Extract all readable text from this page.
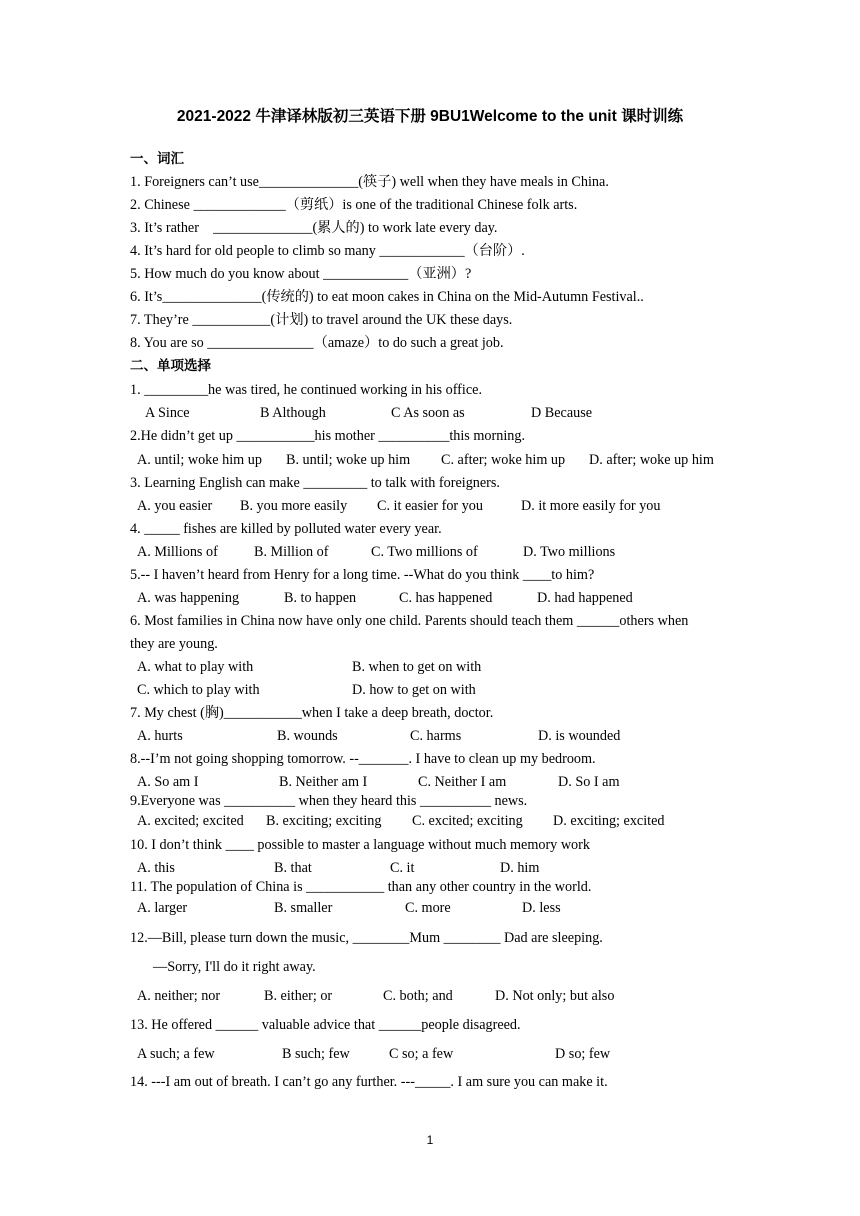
2021-2022 牛津译林版初三英语下册 9BU1Welcome to the unit 课时训练
一、词汇
1. Foreigners can’t use______________(筷子) well when they have meals in China.
2. Chinese _____________（剪纸）is one of the traditional Chinese folk arts.
3. It’s rather    ______________(累人的) to work late every day.
4. It’s hard for old people to climb so many ____________（台阶）.
5. How much do you know about ____________（亚洲）?
6. It’s______________(传统的) to eat moon cakes in China on the Mid-Autumn Festival..
7. They’re ___________(计划) to travel around the UK these days.
8. You are so _______________（amaze）to do such a great job.
二、单项选择
1. _________he was tired, he continued working in his office.
A Since	B Although	C As soon as	D Because
2.He didn’t get up ___________his mother __________this morning.
A. until; woke him up B. until; woke up him C. after; woke him up D. after; woke up him
3. Learning English can make _________ to talk with foreigners.
A. you easier B. you more easily C. it easier for you	D. it more easily for you
4. _____ fishes are killed by polluted water every year.
A. Millions of	B. Million of	C. Two millions of	D. Two millions
5.-- I haven’t heard from Henry for a long time. --What do you think ____to him?
A. was happening	B. to happen	C. has happened	D. had happened
6. Most families in China now have only one child. Parents should teach them ______others when
they are young.
A. what to play with	B. when to get on with
C. which to play with	D. how to get on with
7. My chest (胸)___________when I take a deep breath, doctor.
A. hurts	B. wounds	C. harms	D. is wounded
8.--I’m not going shopping tomorrow. --_______. I have to clean up my bedroom.
A. So am I	B. Neither am I	C. Neither I am	D. So I am
9.Everyone was __________ when they heard this __________ news.
A. excited; excited B. exciting; exciting C. excited; exciting D. exciting; excited
10. I don’t think ____ possible to master a language without much memory work
A. this	B. that	C. it	D. him
11. The population of China is ___________ than any other country in the world.
A. larger	B. smaller	C. more	D. less
12.—Bill, please turn down the music, ________Mum ________ Dad are sleeping.
—Sorry, I'll do it right away.
A. neither; nor	B. either; or	C. both; and	D. Not only; but also
13. He offered ______ valuable advice that ______people disagreed.
A such; a few	B such; few	C so; a few	D so; few
14. ---I am out of breath. I can’t go any further. ---_____. I am sure you can make it.
1
